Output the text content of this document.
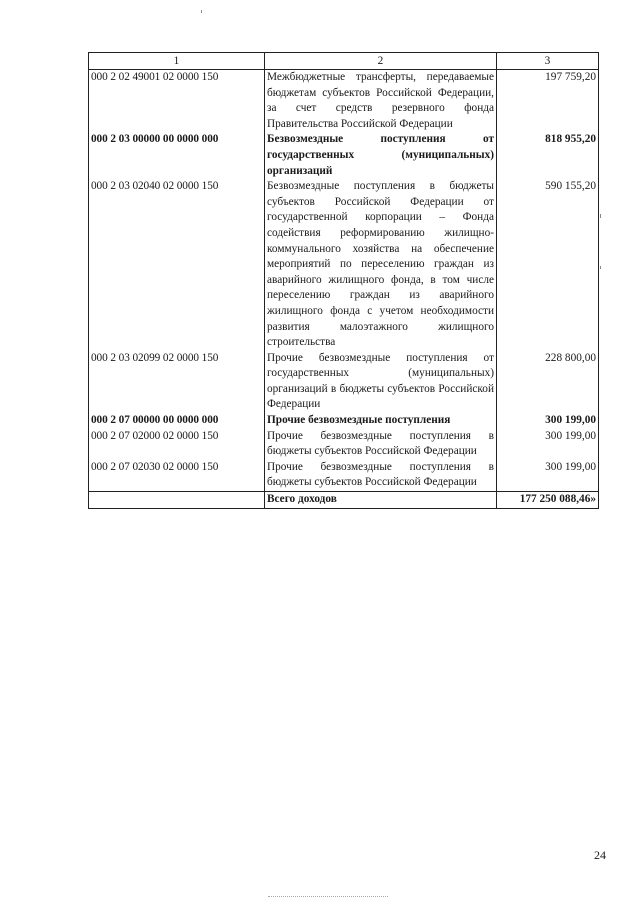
1	2	3
000 2 02 49001 02 0000 150	Межбюджетные трансферты, передаваемые бюджетам субъектов Российской Федерации, за счет средств резервного фонда Правительства Российской Федерации	197 759,20
000 2 03 00000 00 0000 000	Безвозмездные поступления от государственных (муниципальных) организаций	818 955,20
000 2 03 02040 02 0000 150	Безвозмездные поступления в бюджеты субъектов Российской Федерации от государственной корпорации – Фонда содействия реформированию жилищно-коммунального хозяйства на обеспечение мероприятий по переселению граждан из аварийного жилищного фонда, в том числе переселению граждан из аварийного жилищного фонда с учетом необходимости развития малоэтажного жилищного строительства	590 155,20
000 2 03 02099 02 0000 150	Прочие безвозмездные поступления от государственных (муниципальных) организаций в бюджеты субъектов Российской Федерации	228 800,00
000 2 07 00000 00 0000 000	Прочие безвозмездные поступления	300 199,00
000 2 07 02000 02 0000 150	Прочие безвозмездные поступления в бюджеты субъектов Российской Федерации	300 199,00
000 2 07 02030 02 0000 150	Прочие безвозмездные поступления в бюджеты субъектов Российской Федерации	300 199,00
	Всего доходов	177 250 088,46»
24
